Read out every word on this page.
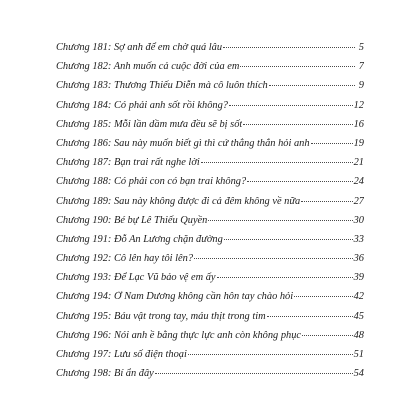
Chương 181: Sợ anh để em chờ quá lâu	5
Chương 182: Anh muốn cả cuộc đời của em	7
Chương 183: Thương Thiếu Diễn mà cô luôn thích	9
Chương 184: Có phải anh sốt rồi không?	12
Chương 185: Mỗi lần dầm mưa đều sẽ bị sốt	16
Chương 186: Sau này muốn biết gì thì cứ thẳng thắn hỏi anh	19
Chương 187: Bạn trai rất nghe lời	21
Chương 188: Có phải con có bạn trai không?	24
Chương 189: Sau này không được đi cả đêm không về nữa	27
Chương 190: Bé bự Lê Thiếu Quyền	30
Chương 191: Đỗ An Lương chặn đường	33
Chương 192: Cô lên hay tôi lên?	36
Chương 193: Để Lạc Vũ bảo vệ em ấy	39
Chương 194: Ở Nam Dương không cần hôn tay chào hỏi	42
Chương 195: Báu vật trong tay, máu thịt trong tim	45
Chương 196: Nói anh ề bằng thực lực anh còn không phục	48
Chương 197: Lưu số điện thoại	51
Chương 198: Bí ẩn đây	54
